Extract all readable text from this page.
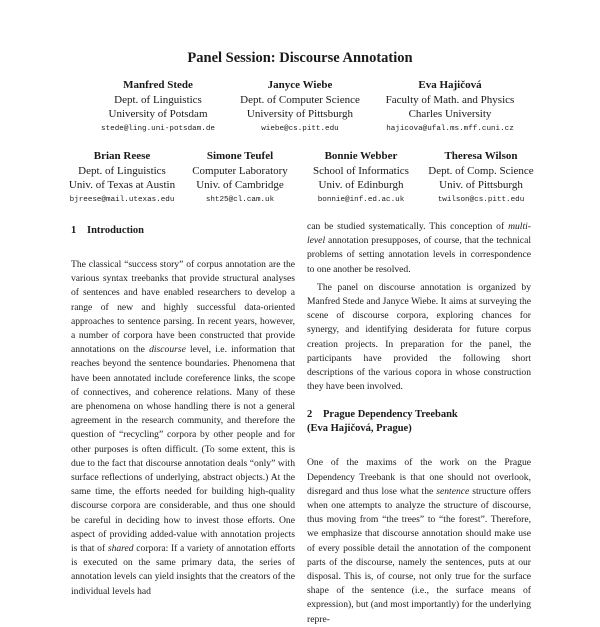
Panel Session: Discourse Annotation
Manfred Stede
Dept. of Linguistics
University of Potsdam
stede@ling.uni-potsdam.de
Janyce Wiebe
Dept. of Computer Science
University of Pittsburgh
wiebe@cs.pitt.edu
Eva Hajičová
Faculty of Math. and Physics
Charles University
hajicova@ufal.ms.mff.cuni.cz
Brian Reese
Dept. of Linguistics
Univ. of Texas at Austin
bjreese@mail.utexas.edu
Simone Teufel
Computer Laboratory
Univ. of Cambridge
sht25@cl.cam.uk
Bonnie Webber
School of Informatics
Univ. of Edinburgh
bonnie@inf.ed.ac.uk
Theresa Wilson
Dept. of Comp. Science
Univ. of Pittsburgh
twilson@cs.pitt.edu
1 Introduction

The classical “success story” of corpus annotation are the various syntax treebanks that provide structural analyses of sentences and have enabled researchers to develop a range of new and highly successful data-oriented approaches to sentence parsing. In recent years, however, a number of corpora have been constructed that provide annotations on the discourse level, i.e. information that reaches beyond the sentence boundaries. Phenomena that have been annotated include coreference links, the scope of connectives, and coherence relations. Many of these are phenomena on whose handling there is not a general agreement in the research community, and therefore the question of “recycling” corpora by other people and for other purposes is often difficult. (To some extent, this is due to the fact that discourse annotation deals “only” with surface reflections of underlying, abstract objects.) At the same time, the efforts needed for building high-quality discourse corpora are considerable, and thus one should be careful in deciding how to invest those efforts. One aspect of providing added-value with annotation projects is that of shared corpora: If a variety of annotation efforts is executed on the same primary data, the series of annotation levels can yield insights that the creators of the individual levels had

can be studied systematically. This conception of multi-level annotation presupposes, of course, that the technical problems of setting annotation levels in correspondence to one another be resolved.

The panel on discourse annotation is organized by Manfred Stede and Janyce Wiebe. It aims at surveying the scene of discourse corpora, exploring chances for synergy, and identifying desiderata for future corpus creation projects. In preparation for the panel, the participants have provided the following short descriptions of the various copora in whose construction they have been involved.

2 Prague Dependency Treebank
(Eva Hajičová, Prague)

One of the maxims of the work on the Prague Dependency Treebank is that one should not overlook, disregard and thus lose what the sentence structure offers when one attempts to analyze the structure of discourse, thus moving from “the trees” to “the forest”. Therefore, we emphasize that discourse annotation should make use of every possible detail the annotation of the component parts of the discourse, namely the sentences, puts at our disposal. This is, of course, not only true for the surface shape of the sentence (i.e., the surface means of expression), but (and most importantly) for the underlying repre-
